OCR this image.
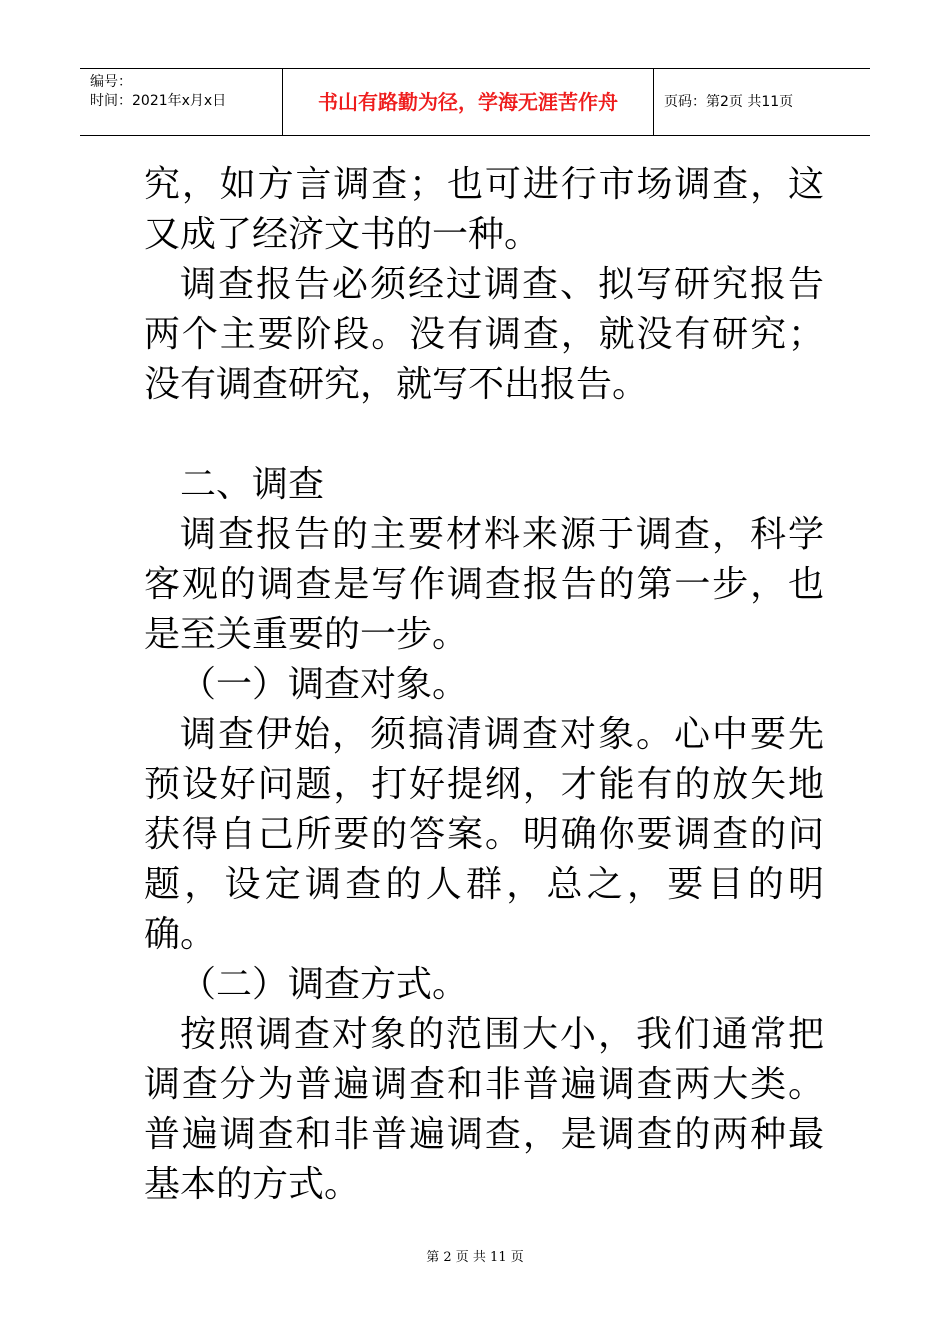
编号：
时间：2021年x月x日	书山有路勤为径，学海无涯苦作舟	页码：第2页 共11页

究，如方言调查；也可进行市场调查，这又成了经济文书的一种。

调查报告必须经过调查、拟写研究报告两个主要阶段。没有调查，就没有研究；没有调查研究，就写不出报告。

二、调查

调查报告的主要材料来源于调查，科学客观的调查是写作调查报告的第一步，也是至关重要的一步。

（一）调查对象。

调查伊始，须搞清调查对象。心中要先预设好问题，打好提纲，才能有的放矢地获得自己所要的答案。明确你要调查的问题，设定调查的人群，总之，要目的明确。

（二）调查方式。

按照调查对象的范围大小，我们通常把调查分为普遍调查和非普遍调查两大类。普遍调查和非普遍调查，是调查的两种最基本的方式。

第 2 页 共 11 页
